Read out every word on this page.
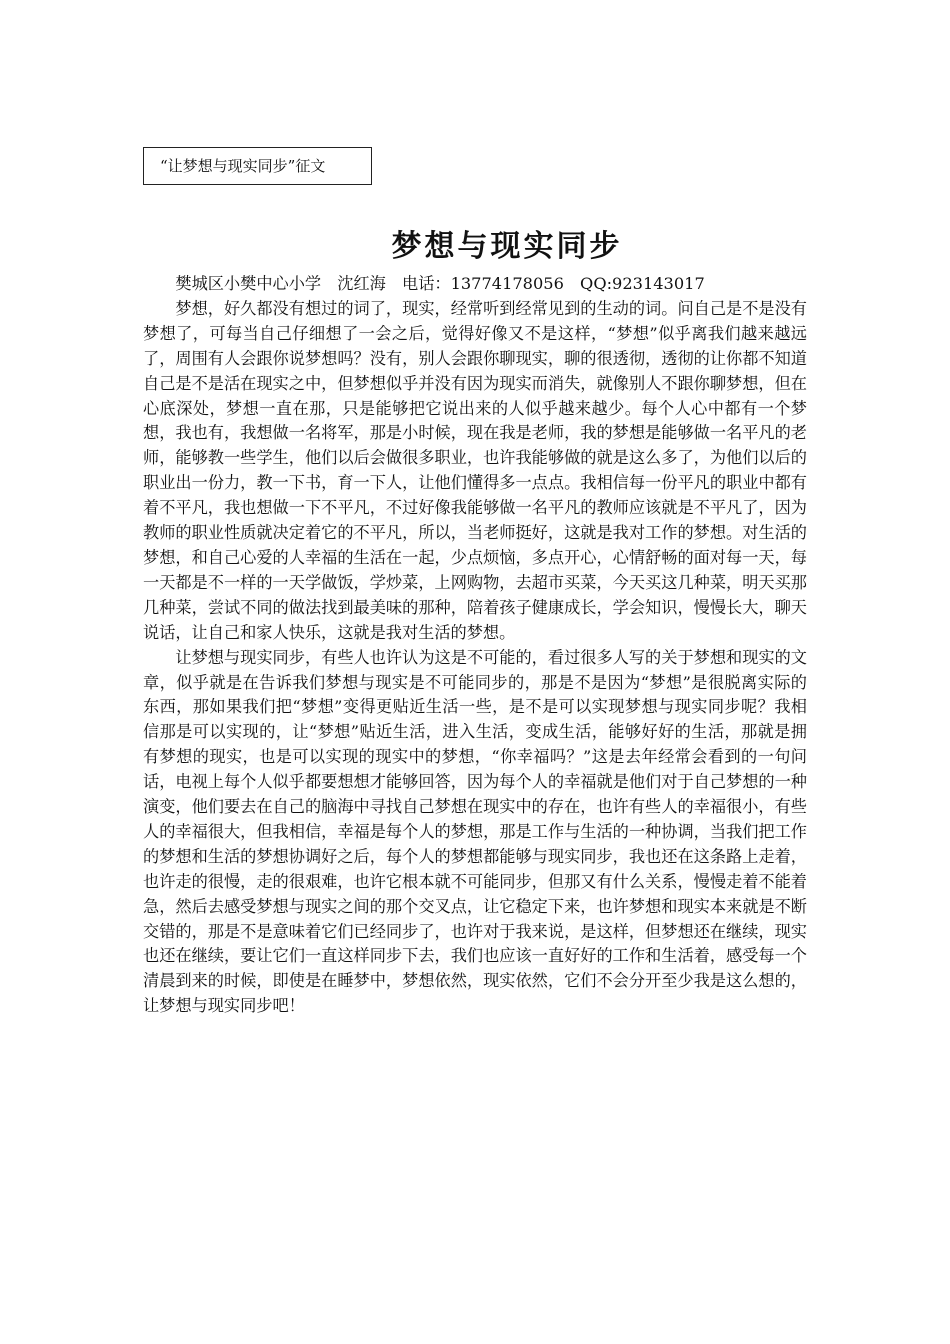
“让梦想与现实同步”征文
梦想与现实同步

樊城区小樊中心小学　沈红海　电话：13774178056　QQ:923143017

梦想，好久都没有想过的词了，现实，经常听到经常见到的生动的词。问自己是不是没有梦想了，可每当自己仔细想了一会之后，觉得好像又不是这样，“梦想”似乎离我们越来越远了，周围有人会跟你说梦想吗？没有，别人会跟你聊现实，聊的很透彻，透彻的让你都不知道自己是不是活在现实之中，但梦想似乎并没有因为现实而消失，就像别人不跟你聊梦想，但在心底深处，梦想一直在那，只是能够把它说出来的人似乎越来越少。每个人心中都有一个梦想，我也有，我想做一名将军，那是小时候，现在我是老师，我的梦想是能够做一名平凡的老师，能够教一些学生，他们以后会做很多职业，也许我能够做的就是这么多了，为他们以后的职业出一份力，教一下书，育一下人，让他们懂得多一点点。我相信每一份平凡的职业中都有着不平凡，我也想做一下不平凡，不过好像我能够做一名平凡的教师应该就是不平凡了，因为教师的职业性质就决定着它的不平凡，所以，当老师挺好，这就是我对工作的梦想。对生活的梦想，和自己心爱的人幸福的生活在一起，少点烦恼，多点开心，心情舒畅的面对每一天，每一天都是不一样的一天学做饭，学炒菜，上网购物，去超市买菜，今天买这几种菜，明天买那几种菜，尝试不同的做法找到最美味的那种，陪着孩子健康成长，学会知识，慢慢长大，聊天说话，让自己和家人快乐，这就是我对生活的梦想。

让梦想与现实同步，有些人也许认为这是不可能的，看过很多人写的关于梦想和现实的文章，似乎就是在告诉我们梦想与现实是不可能同步的，那是不是因为“梦想”是很脱离实际的东西，那如果我们把“梦想”变得更贴近生活一些，是不是可以实现梦想与现实同步呢？我相信那是可以实现的，让“梦想”贴近生活，进入生活，变成生活，能够好好的生活，那就是拥有梦想的现实，也是可以实现的现实中的梦想，“你幸福吗？”这是去年经常会看到的一句问话，电视上每个人似乎都要想想才能够回答，因为每个人的幸福就是他们对于自己梦想的一种演变，他们要去在自己的脑海中寻找自己梦想在现实中的存在，也许有些人的幸福很小，有些人的幸福很大，但我相信，幸福是每个人的梦想，那是工作与生活的一种协调，当我们把工作的梦想和生活的梦想协调好之后，每个人的梦想都能够与现实同步，我也还在这条路上走着，也许走的很慢，走的很艰难，也许它根本就不可能同步，但那又有什么关系，慢慢走着不能着急，然后去感受梦想与现实之间的那个交叉点，让它稳定下来，也许梦想和现实本来就是不断交错的，那是不是意味着它们已经同步了，也许对于我来说，是这样，但梦想还在继续，现实也还在继续，要让它们一直这样同步下去，我们也应该一直好好的工作和生活着，感受每一个清晨到来的时候，即使是在睡梦中，梦想依然，现实依然，它们不会分开至少我是这么想的，让梦想与现实同步吧！
